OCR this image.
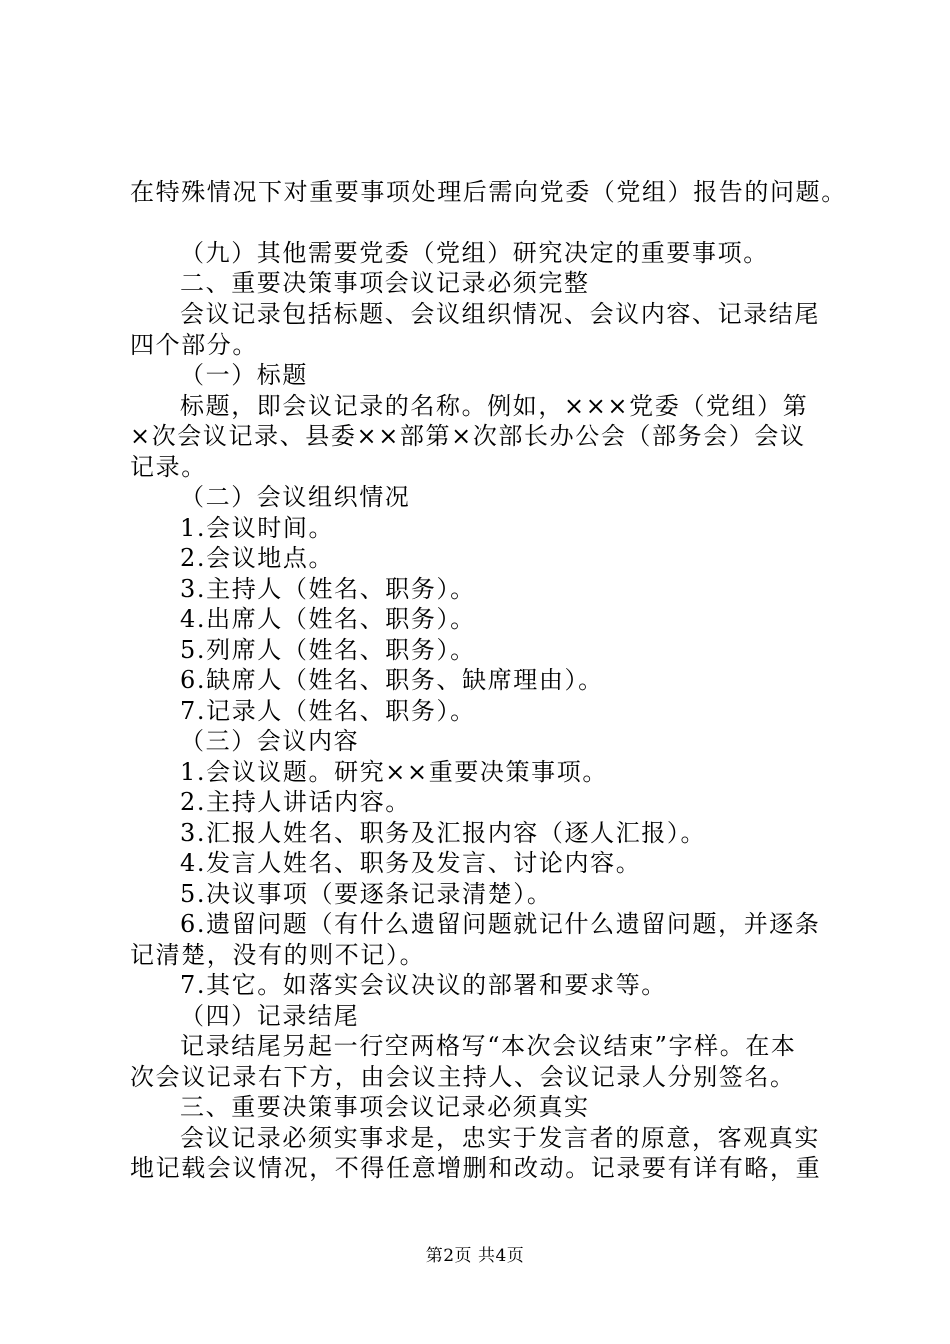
在特殊情况下对重要事项处理后需向党委（党组）报告的问题。
（九）其他需要党委（党组）研究决定的重要事项。
二、重要决策事项会议记录必须完整
会议记录包括标题、会议组织情况、会议内容、记录结尾
四个部分。
（一）标题
标题，即会议记录的名称。例如，×××党委（党组）第
×次会议记录、县委××部第×次部长办公会（部务会）会议
记录。
（二）会议组织情况
1.会议时间。
2.会议地点。
3.主持人（姓名、职务）。
4.出席人（姓名、职务）。
5.列席人（姓名、职务）。
6.缺席人（姓名、职务、缺席理由）。
7.记录人（姓名、职务）。
（三）会议内容
1.会议议题。研究××重要决策事项。
2.主持人讲话内容。
3.汇报人姓名、职务及汇报内容（逐人汇报）。
4.发言人姓名、职务及发言、讨论内容。
5.决议事项（要逐条记录清楚）。
6.遗留问题（有什么遗留问题就记什么遗留问题，并逐条
记清楚，没有的则不记）。
7.其它。如落实会议决议的部署和要求等。
（四）记录结尾
记录结尾另起一行空两格写“本次会议结束”字样。在本
次会议记录右下方，由会议主持人、会议记录人分别签名。
三、重要决策事项会议记录必须真实
会议记录必须实事求是，忠实于发言者的原意，客观真实
地记载会议情况，不得任意增删和改动。记录要有详有略，重
第2页 共4页
